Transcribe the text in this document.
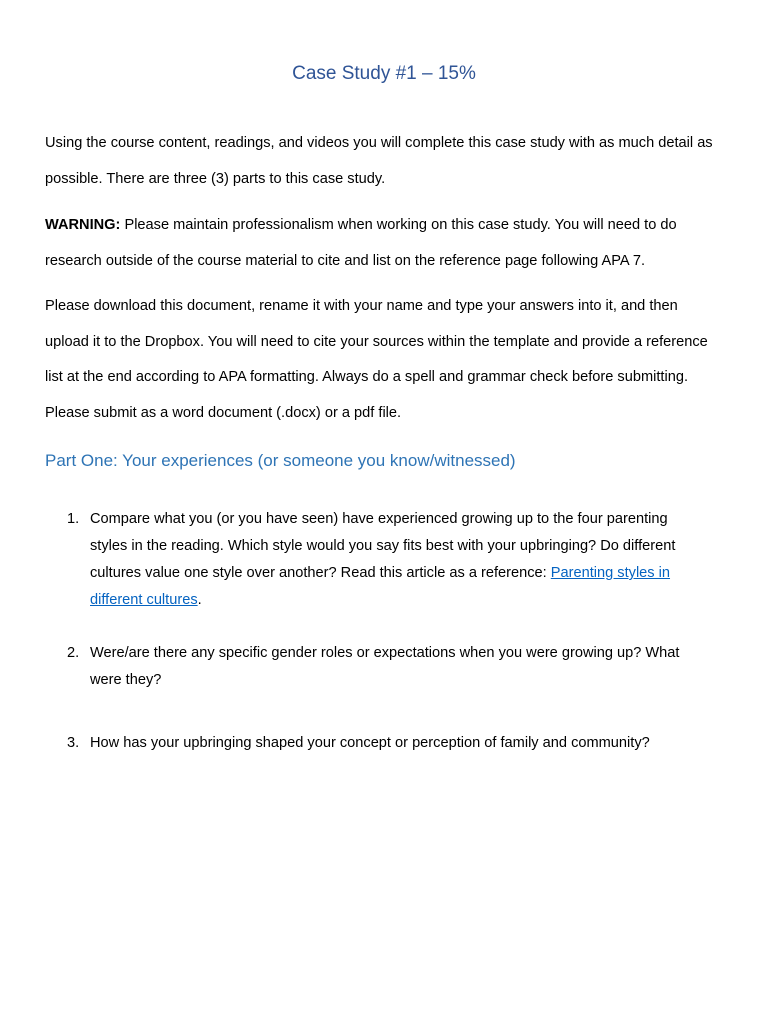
Case Study #1 – 15%

Using the course content, readings, and videos you will complete this case study with as much detail as possible. There are three (3) parts to this case study.

WARNING: Please maintain professionalism when working on this case study. You will need to do research outside of the course material to cite and list on the reference page following APA 7.

Please download this document, rename it with your name and type your answers into it, and then upload it to the Dropbox. You will need to cite your sources within the template and provide a reference list at the end according to APA formatting. Always do a spell and grammar check before submitting. Please submit as a word document (.docx) or a pdf file.

Part One: Your experiences (or someone you know/witnessed)
1. Compare what you (or you have seen) have experienced growing up to the four parenting styles in the reading. Which style would you say fits best with your upbringing? Do different cultures value one style over another? Read this article as a reference: Parenting styles in different cultures.
2. Were/are there any specific gender roles or expectations when you were growing up? What were they?
3. How has your upbringing shaped your concept or perception of family and community?
